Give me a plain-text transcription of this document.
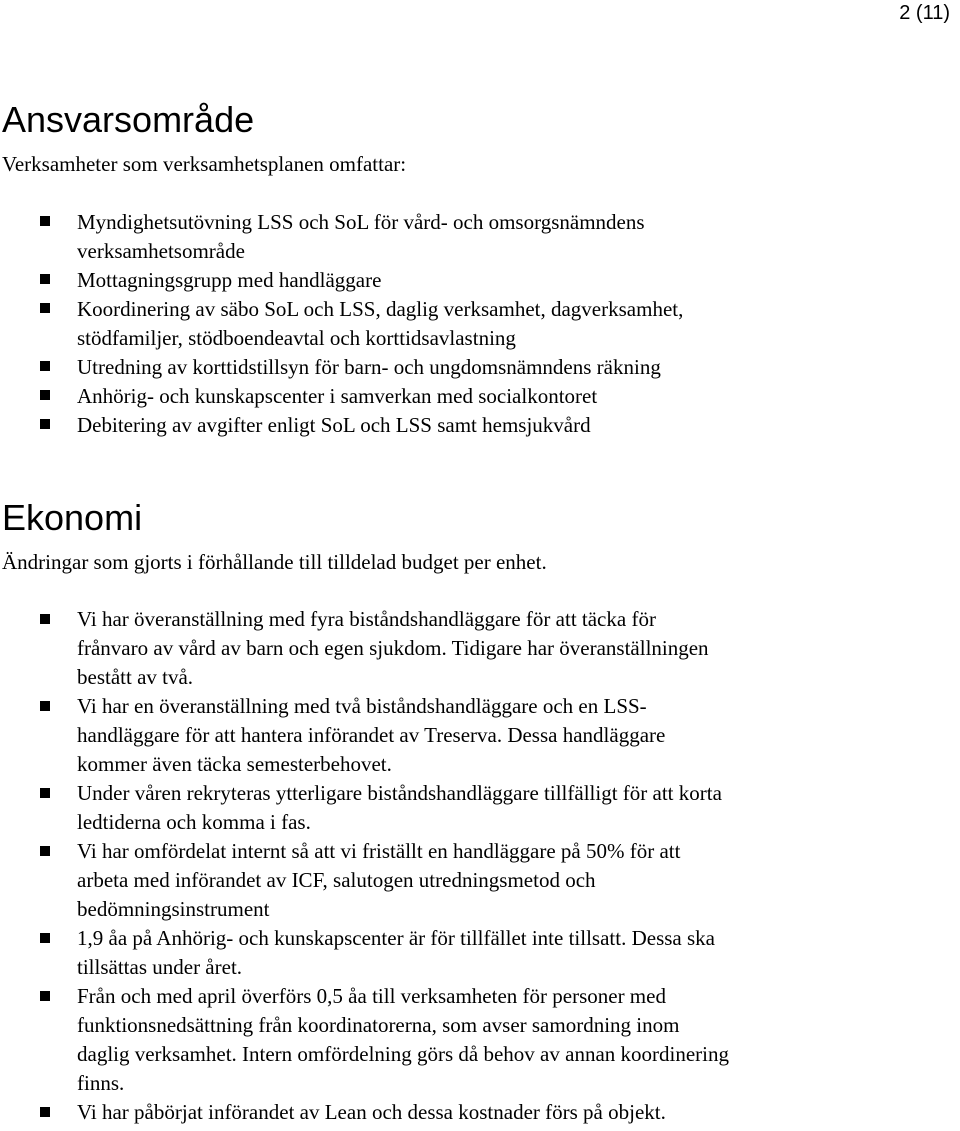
2 (11)
Ansvarsområde

Verksamheter som verksamhetsplanen omfattar:

Myndighetsutövning LSS och SoL för vård- och omsorgsnämndens verksamhetsområde
Mottagningsgrupp med handläggare
Koordinering av säbo SoL och LSS, daglig verksamhet, dagverksamhet, stödfamiljer, stödboendeavtal och korttidsavlastning
Utredning av korttidstillsyn för barn- och ungdomsnämndens räkning
Anhörig- och kunskapscenter i samverkan med socialkontoret
Debitering av avgifter enligt SoL och LSS samt hemsjukvård
Ekonomi

Ändringar som gjorts i förhållande till tilldelad budget per enhet.

Vi har överanställning med fyra biståndshandläggare för att täcka för frånvaro av vård av barn och egen sjukdom. Tidigare har överanställningen bestått av två.
Vi har en överanställning med två biståndshandläggare och en LSS-handläggare för att hantera införandet av Treserva. Dessa handläggare kommer även täcka semesterbehovet.
Under våren rekryteras ytterligare biståndshandläggare tillfälligt för att korta ledtiderna och komma i fas.
Vi har omfördelat internt så att vi friställt en handläggare på 50% för att arbeta med införandet av ICF, salutogen utredningsmetod och bedömningsinstrument
1,9 åa på Anhörig- och kunskapscenter är för tillfället inte tillsatt. Dessa ska tillsättas under året.
Från och med april överförs 0,5 åa till verksamheten för personer med funktionsnedsättning från koordinatorerna, som avser samordning inom daglig verksamhet. Intern omfördelning görs då behov av annan koordinering finns.
Vi har påbörjat införandet av Lean och dessa kostnader förs på objekt.
